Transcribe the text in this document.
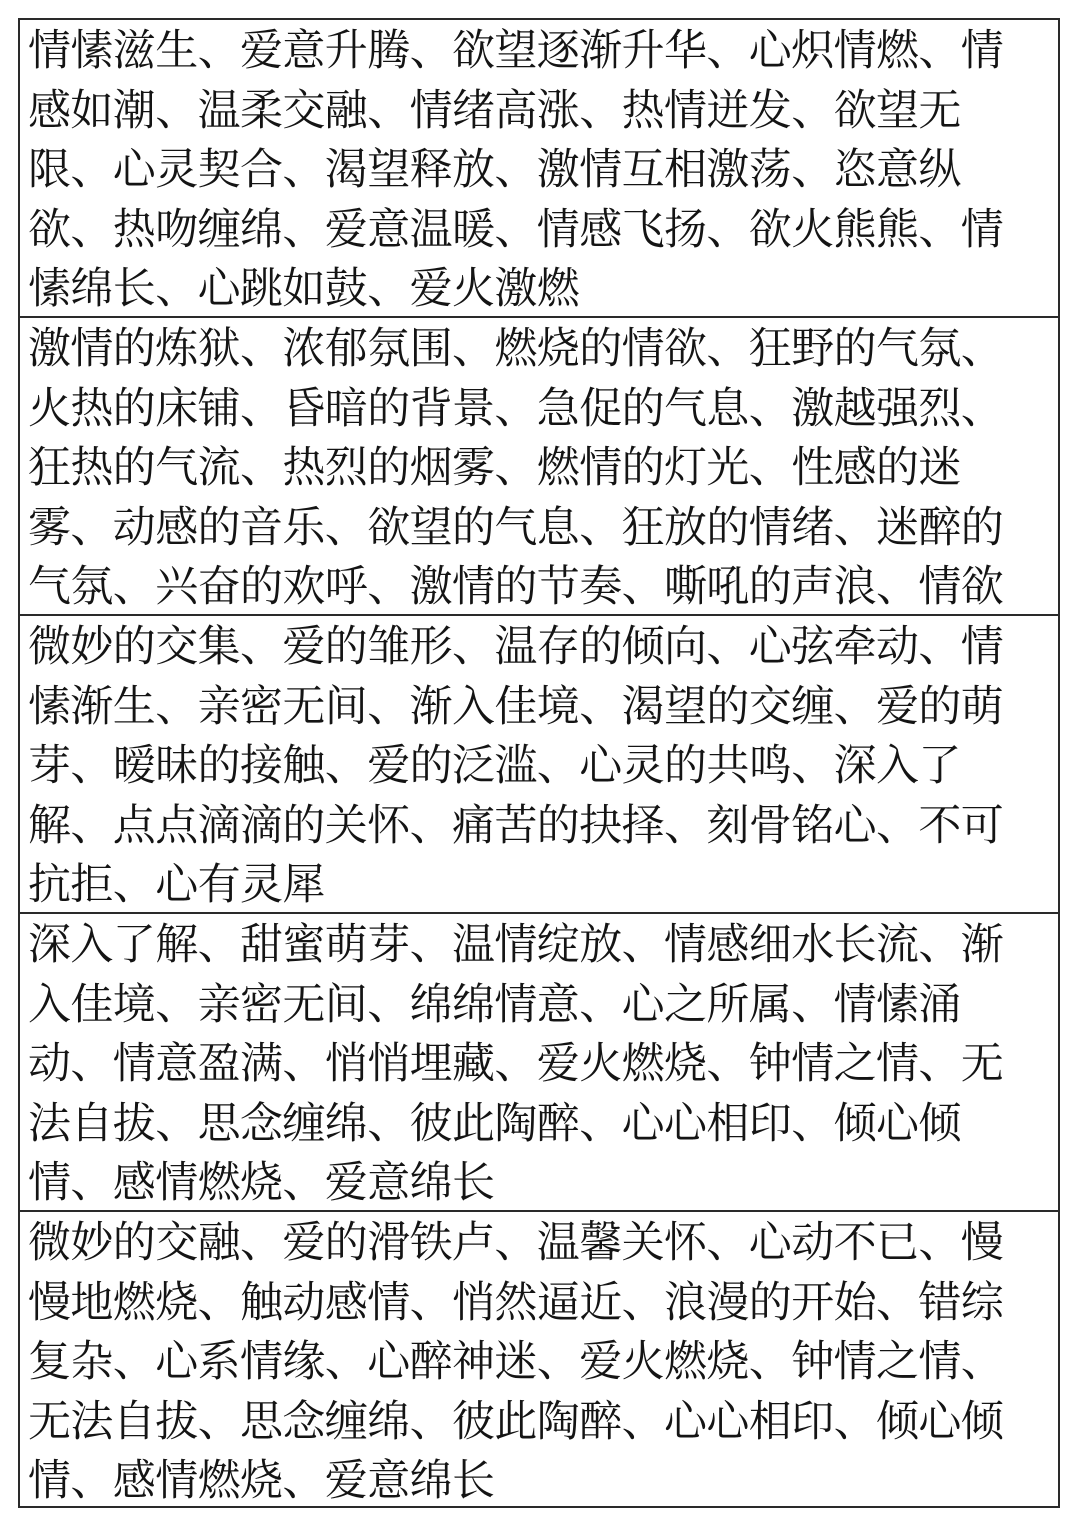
情愫滋生、爱意升腾、欲望逐渐升华、心炽情燃、情感如潮、温柔交融、情绪高涨、热情迸发、欲望无限、心灵契合、渴望释放、激情互相激荡、恣意纵欲、热吻缠绵、爱意温暖、情感飞扬、欲火熊熊、情愫绵长、心跳如鼓、爱火激燃

激情的炼狱、浓郁氛围、燃烧的情欲、狂野的气氛、火热的床铺、昏暗的背景、急促的气息、激越强烈、狂热的气流、热烈的烟雾、燃情的灯光、性感的迷雾、动感的音乐、欲望的气息、狂放的情绪、迷醉的气氛、兴奋的欢呼、激情的节奏、嘶吼的声浪、情欲

微妙的交集、爱的雏形、温存的倾向、心弦牵动、情愫渐生、亲密无间、渐入佳境、渴望的交缠、爱的萌芽、暧昧的接触、爱的泛滥、心灵的共鸣、深入了解、点点滴滴的关怀、痛苦的抉择、刻骨铭心、不可抗拒、心有灵犀

深入了解、甜蜜萌芽、温情绽放、情感细水长流、渐入佳境、亲密无间、绵绵情意、心之所属、情愫涌动、情意盈满、悄悄埋藏、爱火燃烧、钟情之情、无法自拔、思念缠绵、彼此陶醉、心心相印、倾心倾情、感情燃烧、爱意绵长

微妙的交融、爱的滑铁卢、温馨关怀、心动不已、慢慢地燃烧、触动感情、悄然逼近、浪漫的开始、错综复杂、心系情缘、心醉神迷、爱火燃烧、钟情之情、无法自拔、思念缠绵、彼此陶醉、心心相印、倾心倾情、感情燃烧、爱意绵长
